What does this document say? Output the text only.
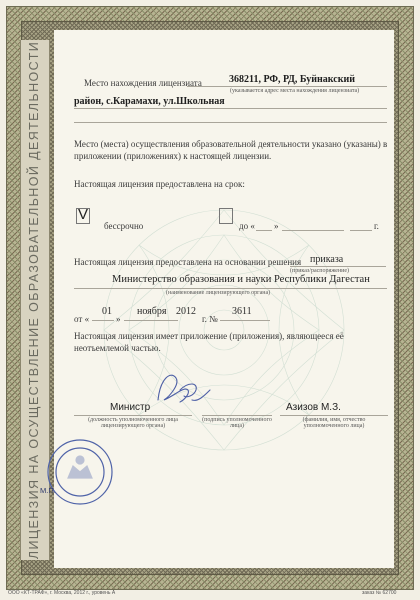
ЛИЦЕНЗИЯ НА ОСУЩЕСТВЛЕНИЕ ОБРАЗОВАТЕЛЬНОЙ ДЕЯТЕЛЬНОСТИ	Место нахождения лицензиата	368211, РФ, РД, Буйнакский
(указывается адрес места нахождения лицензиата)
район, с.Карамахи, ул.Школьная
Место (места) осуществления образовательной деятельности указано (указаны) в приложении (приложениях) к настоящей лицензии.
Настоящая лицензия предоставлена на срок:
V
бессрочно	до « »	г.
Настоящая лицензия предоставлена на основании решения приказа
(приказ/распоряжение)
Министерство образования и науки Республики Дагестан
(наименование лицензирующего органа)
от «
01
»
ноября 2012
г. №
3611
Настоящая лицензия имеет приложение (приложения), являющееся её неотъемлемой частью.
Министр
(должность уполномоченного лица лицензирующего органа)
(подпись уполномоченного лица)
Азизов М.З.
(фамилия, имя, отчество уполномоченного лица)
М.П.
ООО «КТ-ТРАФ», г. Москва, 2012 г., уровень А	заказ № 62700
